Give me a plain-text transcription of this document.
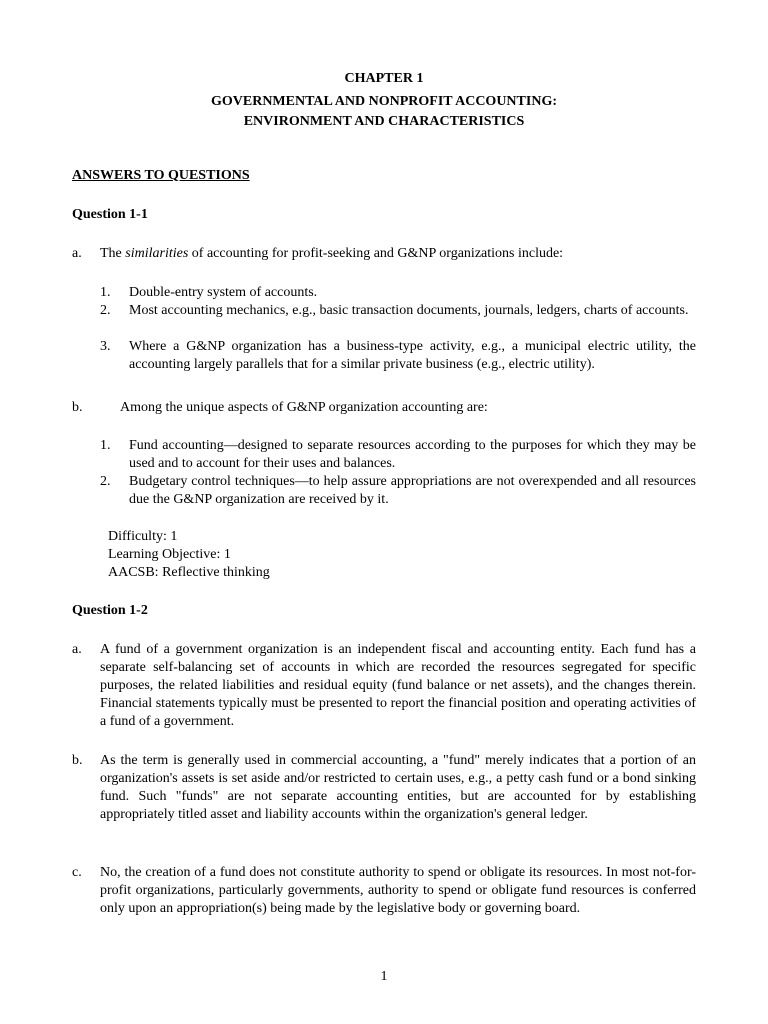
CHAPTER 1
GOVERNMENTAL AND NONPROFIT ACCOUNTING:
ENVIRONMENT AND CHARACTERISTICS
ANSWERS TO QUESTIONS
Question 1-1
a. The similarities of accounting for profit-seeking and G&NP organizations include:
1. Double-entry system of accounts.
2. Most accounting mechanics, e.g., basic transaction documents, journals, ledgers, charts of accounts.
3. Where a G&NP organization has a business-type activity, e.g., a municipal electric utility, the accounting largely parallels that for a similar private business (e.g., electric utility).
b.	Among the unique aspects of G&NP organization accounting are:
1. Fund accounting—designed to separate resources according to the purposes for which they may be used and to account for their uses and balances.
2. Budgetary control techniques—to help assure appropriations are not overexpended and all resources due the G&NP organization are received by it.
Difficulty: 1
Learning Objective: 1
AACSB: Reflective thinking
Question 1-2
a. A fund of a government organization is an independent fiscal and accounting entity. Each fund has a separate self-balancing set of accounts in which are recorded the resources segregated for specific purposes, the related liabilities and residual equity (fund balance or net assets), and the changes therein. Financial statements typically must be presented to report the financial position and operating activities of a fund of a government.
b. As the term is generally used in commercial accounting, a "fund" merely indicates that a portion of an organization's assets is set aside and/or restricted to certain uses, e.g., a petty cash fund or a bond sinking fund. Such "funds" are not separate accounting entities, but are accounted for by establishing appropriately titled asset and liability accounts within the organization's general ledger.
c. No, the creation of a fund does not constitute authority to spend or obligate its resources. In most not-for-profit organizations, particularly governments, authority to spend or obligate fund resources is conferred only upon an appropriation(s) being made by the legislative body or governing board.
1
